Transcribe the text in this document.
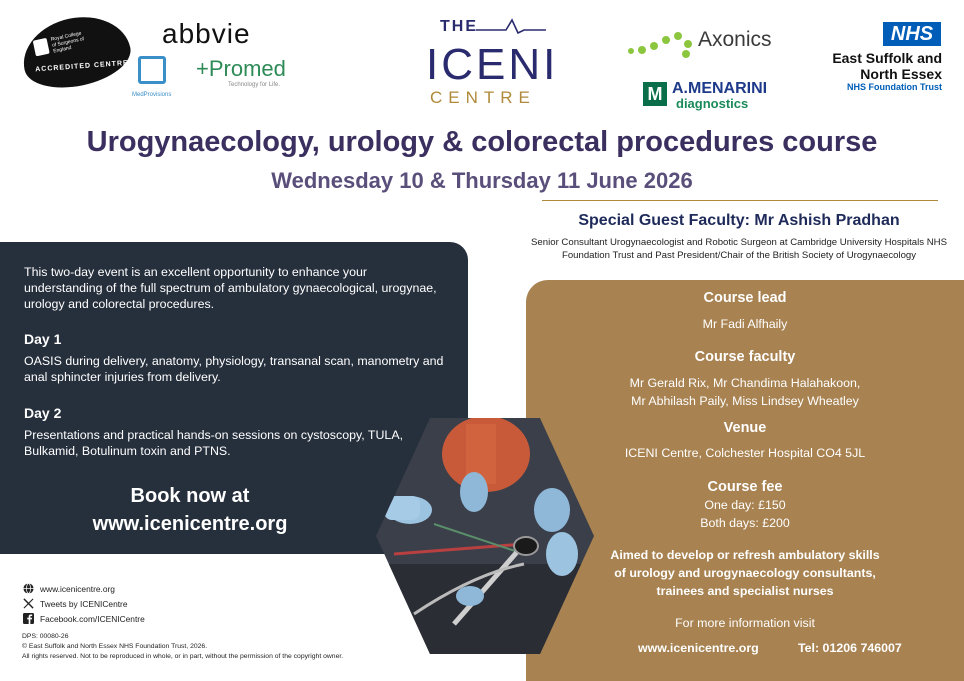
Royal College of Surgeons of England
ACCREDITED CENTRE
abbvie
MedProvisions
+Promed
Technology for Life.
THE
ICENI
CENTRE
Axonics
M A.MENARINI
diagnostics
NHS
East Suffolk and
North Essex
NHS Foundation Trust
Urogynaecology, urology & colorectal procedures course
Wednesday 10 & Thursday 11 June 2026
Special Guest Faculty: Mr Ashish Pradhan
Senior Consultant Urogynaecologist and Robotic Surgeon at Cambridge University Hospitals NHS Foundation Trust and Past President/Chair of the British Society of Urogynaecology
This two-day event is an excellent opportunity to enhance your understanding of the full spectrum of ambulatory gynaecological, urogynae, urology and colorectal procedures.
Day 1
OASIS during delivery, anatomy, physiology, transanal scan, manometry and anal sphincter injuries from delivery.
Day 2
Presentations and practical hands-on sessions on cystoscopy, TULA, Bulkamid, Botulinum toxin and PTNS.
Book now at
www.icenicentre.org
Course lead
Mr Fadi Alfhaily
Course faculty
Mr Gerald Rix, Mr Chandima Halahakoon,
Mr Abhilash Paily, Miss Lindsey Wheatley
Venue
ICENI Centre, Colchester Hospital CO4 5JL
Course fee
One day: £150
Both days: £200
Aimed to develop or refresh ambulatory skills
of urology and urogynaecology consultants,
trainees and specialist nurses
For more information visit
www.icenicentre.org	Tel: 01206 746007
www.icenicentre.org
Tweets by ICENICentre
Facebook.com/ICENICentre
DPS: 00080-26
© East Suffolk and North Essex NHS Foundation Trust, 2026.
All rights reserved. Not to be reproduced in whole, or in part, without the permission of the copyright owner.
